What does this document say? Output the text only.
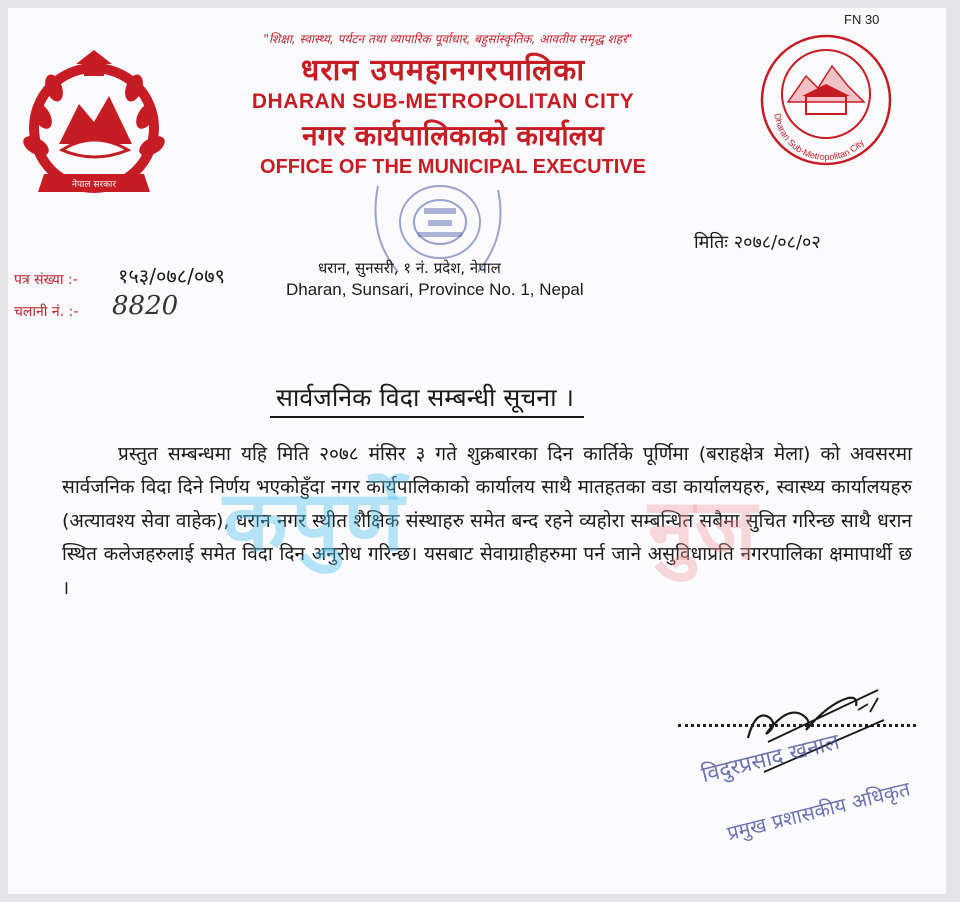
FN 30
"शिक्षा, स्वास्थ्य, पर्यटन तथा व्यापारिक पूर्वाधार, बहुसांस्कृतिक, आवतीय समृद्ध शहर"
धरान उपमहानगरपालिका
DHARAN SUB-METROPOLITAN CITY
नगर कार्यपालिकाको कार्यालय
OFFICE OF THE MUNICIPAL EXECUTIVE
नेपाल सरकार
Dharan Sub-Metropolitan City
मितिः २०७८/०८/०२
पत्र संख्या :- १५३/०७८/०७९
चलानी नं. :- 8820
धरान, सुनसरी, १ नं. प्रदेश, नेपाल
Dharan, Sunsari, Province No. 1, Nepal
सार्वजनिक विदा सम्बन्धी सूचना ।
प्रस्तुत सम्बन्धमा यहि मिति २०७८ मंसिर ३ गते शुक्रबारका दिन कार्तिके पूर्णिमा (बराहक्षेत्र मेला) को अवसरमा सार्वजनिक विदा दिने निर्णय भएकोहुँदा नगर कार्यपालिकाको कार्यालय साथै मातहतका वडा कार्यालयहरु, स्वास्थ्य कार्यालयहरु (अत्यावश्य सेवा वाहेक), धरान नगर स्थीत शैक्षिक संस्थाहरु समेत बन्द रहने व्यहोरा सम्बन्धित सबैमा सुचित गरिन्छ साथै धरान स्थित कलेजहरुलाई समेत विदा दिन अनुरोध गरिन्छ। यसबाट सेवाग्राहीहरुमा पर्न जाने असुविधाप्रति नगरपालिका क्षमापार्थी छ ।
कपुर्णे	नुज
विदुरप्रसाद खनाल
प्रमुख प्रशासकीय अधिकृत
